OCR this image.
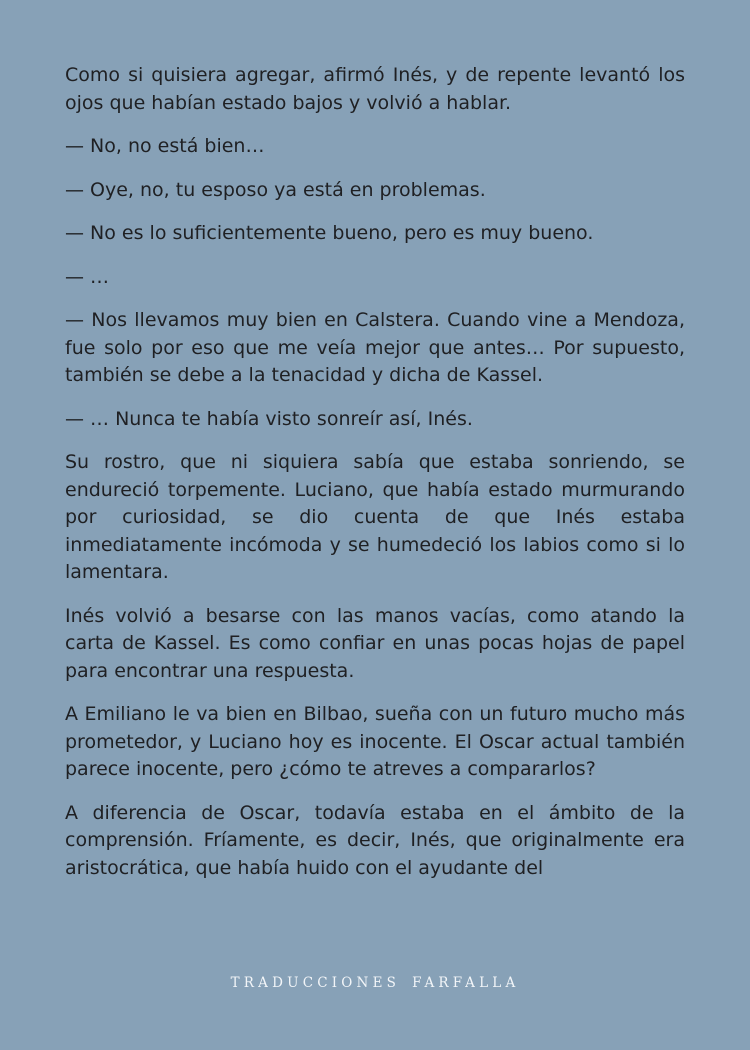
Como si quisiera agregar, afirmó Inés, y de repente levantó los ojos que habían estado bajos y volvió a hablar.

— No, no está bien…

— Oye, no, tu esposo ya está en problemas.

— No es lo suficientemente bueno, pero es muy bueno.

— …

— Nos llevamos muy bien en Calstera. Cuando vine a Mendoza, fue solo por eso que me veía mejor que antes… Por supuesto, también se debe a la tenacidad y dicha de Kassel.

— … Nunca te había visto sonreír así, Inés.

Su rostro, que ni siquiera sabía que estaba sonriendo, se endureció torpemente. Luciano, que había estado murmurando por curiosidad, se dio cuenta de que Inés estaba inmediatamente incómoda y se humedeció los labios como si lo lamentara.

Inés volvió a besarse con las manos vacías, como atando la carta de Kassel. Es como confiar en unas pocas hojas de papel para encontrar una respuesta.

A Emiliano le va bien en Bilbao, sueña con un futuro mucho más prometedor, y Luciano hoy es inocente. El Oscar actual también parece inocente, pero ¿cómo te atreves a compararlos?

A diferencia de Oscar, todavía estaba en el ámbito de la comprensión. Fríamente, es decir, Inés, que originalmente era aristocrática, que había huido con el ayudante del

TRADUCCIONES FARFALLA
